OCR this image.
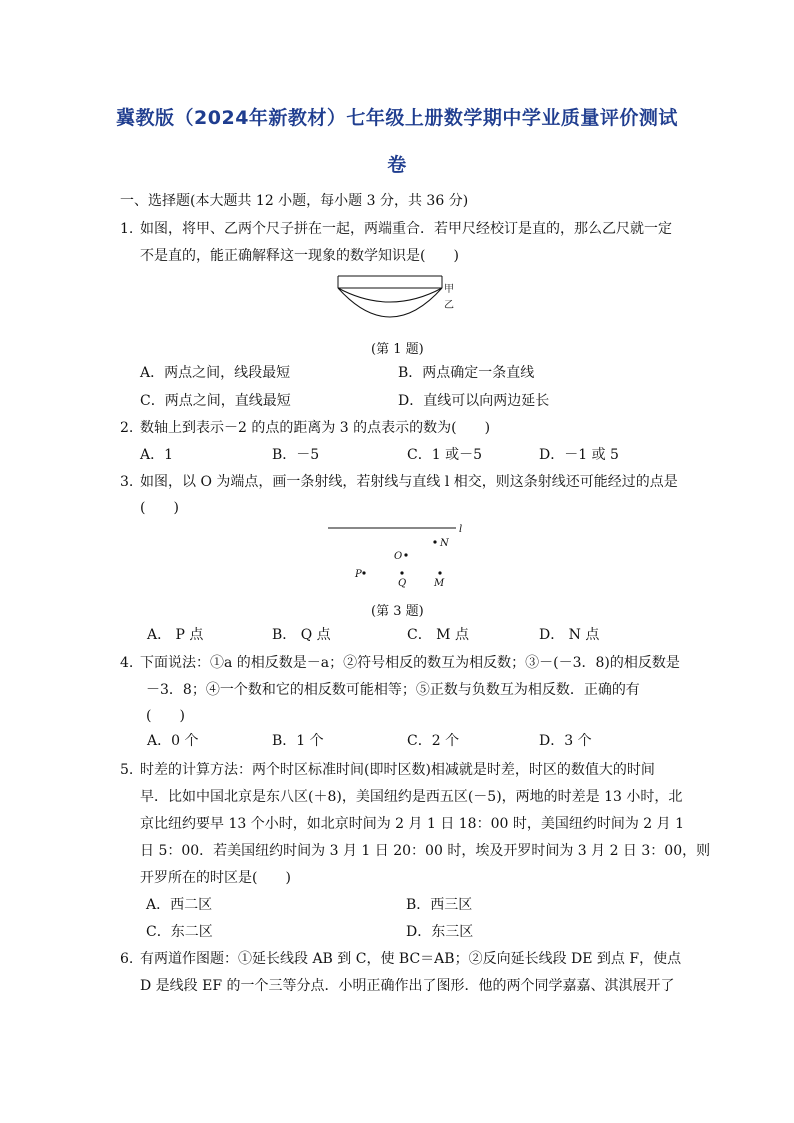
冀教版（2024年新教材）七年级上册数学期中学业质量评价测试
卷
一、选择题(本大题共 12 小题，每小题 3 分，共 36 分)
1. 如图，将甲、乙两个尺子拼在一起，两端重合．若甲尺经校订是直的，那么乙尺就一定
不是直的，能正确解释这一现象的数学知识是(　　)
甲
乙
(第 1 题)
A．两点之间，线段最短	B．两点确定一条直线
C．两点之间，直线最短	D．直线可以向两边延长
2. 数轴上到表示－2 的点的距离为 3 的点表示的数为(　　)
A．1	B．－5	C．1 或－5	D．－1 或 5
3. 如图，以 O 为端点，画一条射线，若射线与直线 l 相交，则这条射线还可能经过的点是
(　　)
l
N
O
P
Q	M
(第 3 题)
A． P 点	B． Q 点	C． M 点	D． N 点
4. 下面说法：①a 的相反数是－a；②符号相反的数互为相反数；③－(－3．8)的相反数是
－3．8；④一个数和它的相反数可能相等；⑤正数与负数互为相反数．正确的有
(　　)
A．0 个	B．1 个	C．2 个	D．3 个
5. 时差的计算方法：两个时区标准时间(即时区数)相减就是时差，时区的数值大的时间
早．比如中国北京是东八区(＋8)，美国纽约是西五区(－5)，两地的时差是 13 小时，北
京比纽约要早 13 个小时，如北京时间为 2 月 1 日 18：00 时，美国纽约时间为 2 月 1
日 5：00．若美国纽约时间为 3 月 1 日 20：00 时，埃及开罗时间为 3 月 2 日 3：00，则
开罗所在的时区是(　　)
A．西二区	B．西三区
C．东二区	D．东三区
6. 有两道作图题：①延长线段 AB 到 C，使 BC＝AB；②反向延长线段 DE 到点 F，使点
D 是线段 EF 的一个三等分点．小明正确作出了图形．他的两个同学嘉嘉、淇淇展开了
